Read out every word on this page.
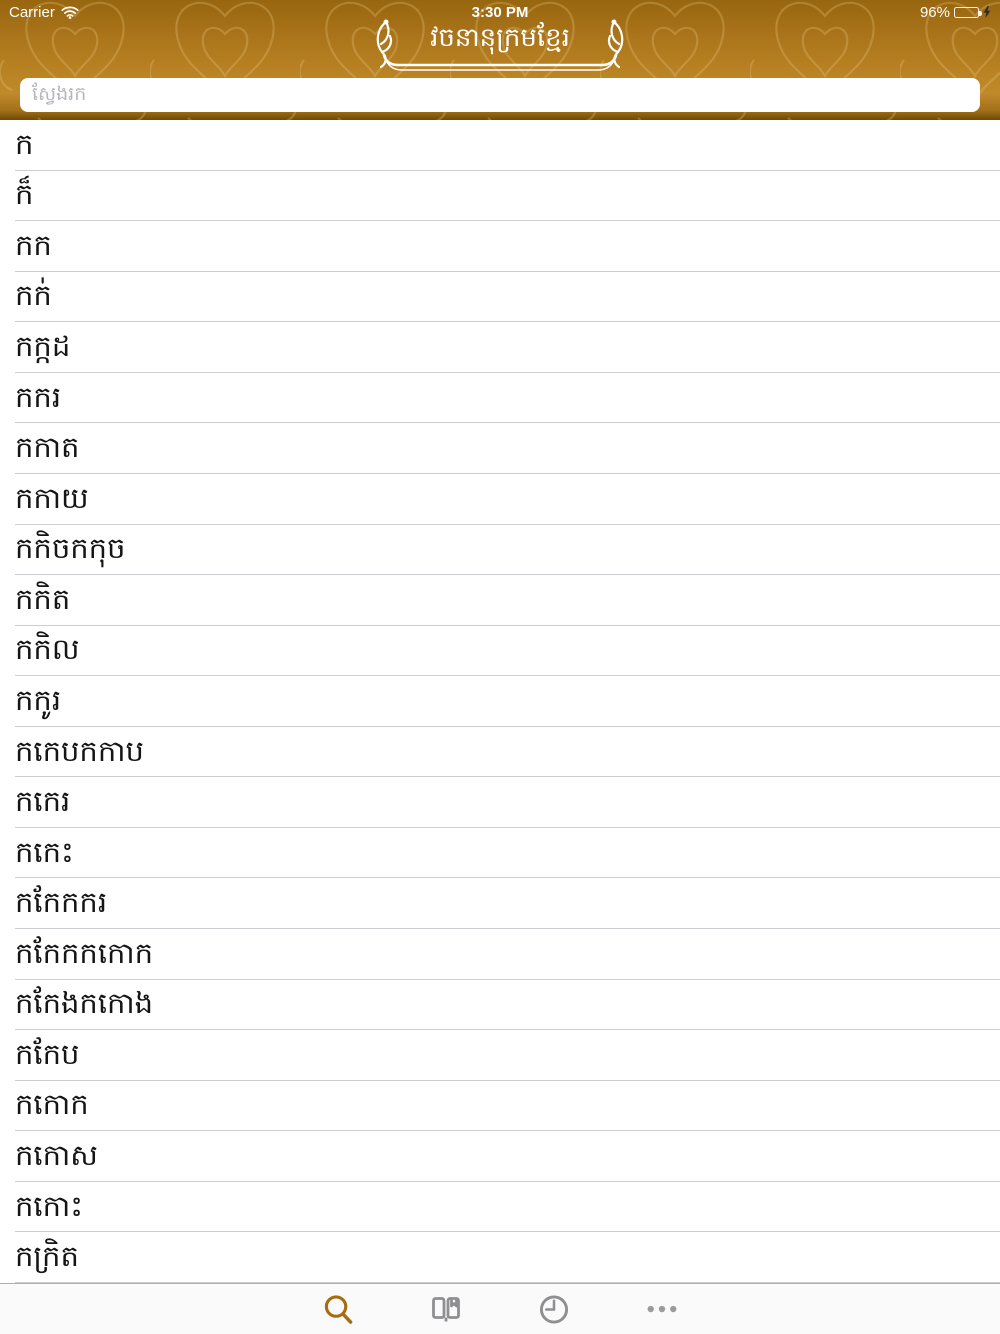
Carrier	3:30 PM	96%
វចនានុក្រមខ្មែរ
ស្វែងរក
ក
ក៏
កក
កក់
កក្កដ
កករ
កកាត
កកាយ
កកិចកកុច
កកិត
កកិល
កកូរ
កកេបកកាប
កកេរ
កកេះ
កកែកករ
កកែកកកោក
កកែងកកោង
កកែប
កកោក
កកោស
កកោះ
កក្រិត
